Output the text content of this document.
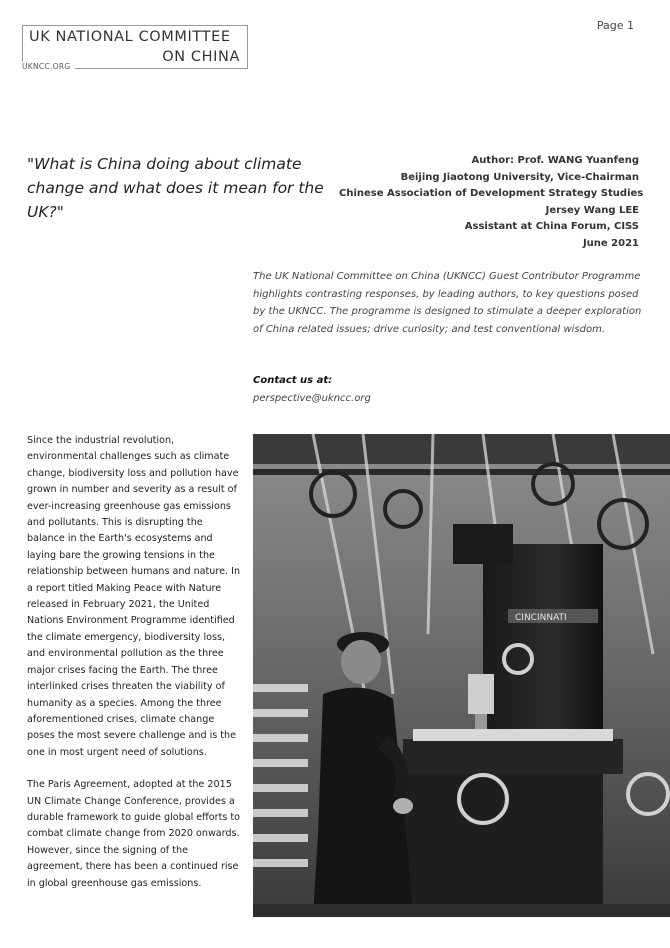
Page 1
UK NATIONAL COMMITTEE
ON CHINA
UKNCC.ORG
"What is China doing about climate change and what does it mean for the UK?"
Author: Prof. WANG Yuanfeng
Beijing Jiaotong University, Vice-Chairman
Chinese Association of Development Strategy Studies
Jersey Wang LEE
Assistant at China Forum, CISS
June 2021
The UK National Committee on China (UKNCC) Guest Contributor Programme highlights contrasting responses, by leading authors, to key questions posed by the UKNCC. The programme is designed to stimulate a deeper exploration of China related issues; drive curiosity; and test conventional wisdom.
Contact us at:
perspective@ukncc.org

Since the industrial revolution, environmental challenges such as climate change, biodiversity loss and pollution have grown in number and severity as a result of ever-increasing greenhouse gas emissions and pollutants. This is disrupting the balance in the Earth's ecosystems and laying bare the growing tensions in the relationship between humans and nature. In a report titled Making Peace with Nature released in February 2021, the United Nations Environment Programme identified the climate emergency, biodiversity loss, and environmental pollution as the three major crises facing the Earth. The three interlinked crises threaten the viability of humanity as a species. Among the three aforementioned crises, climate change poses the most severe challenge and is the one in most urgent need of solutions.

The Paris Agreement, adopted at the 2015 UN Climate Change Conference, provides a durable framework to guide global efforts to combat climate change from 2020 onwards. However, since the signing of the agreement, there has been a continued rise in global greenhouse gas emissions.

CINCINNATI
